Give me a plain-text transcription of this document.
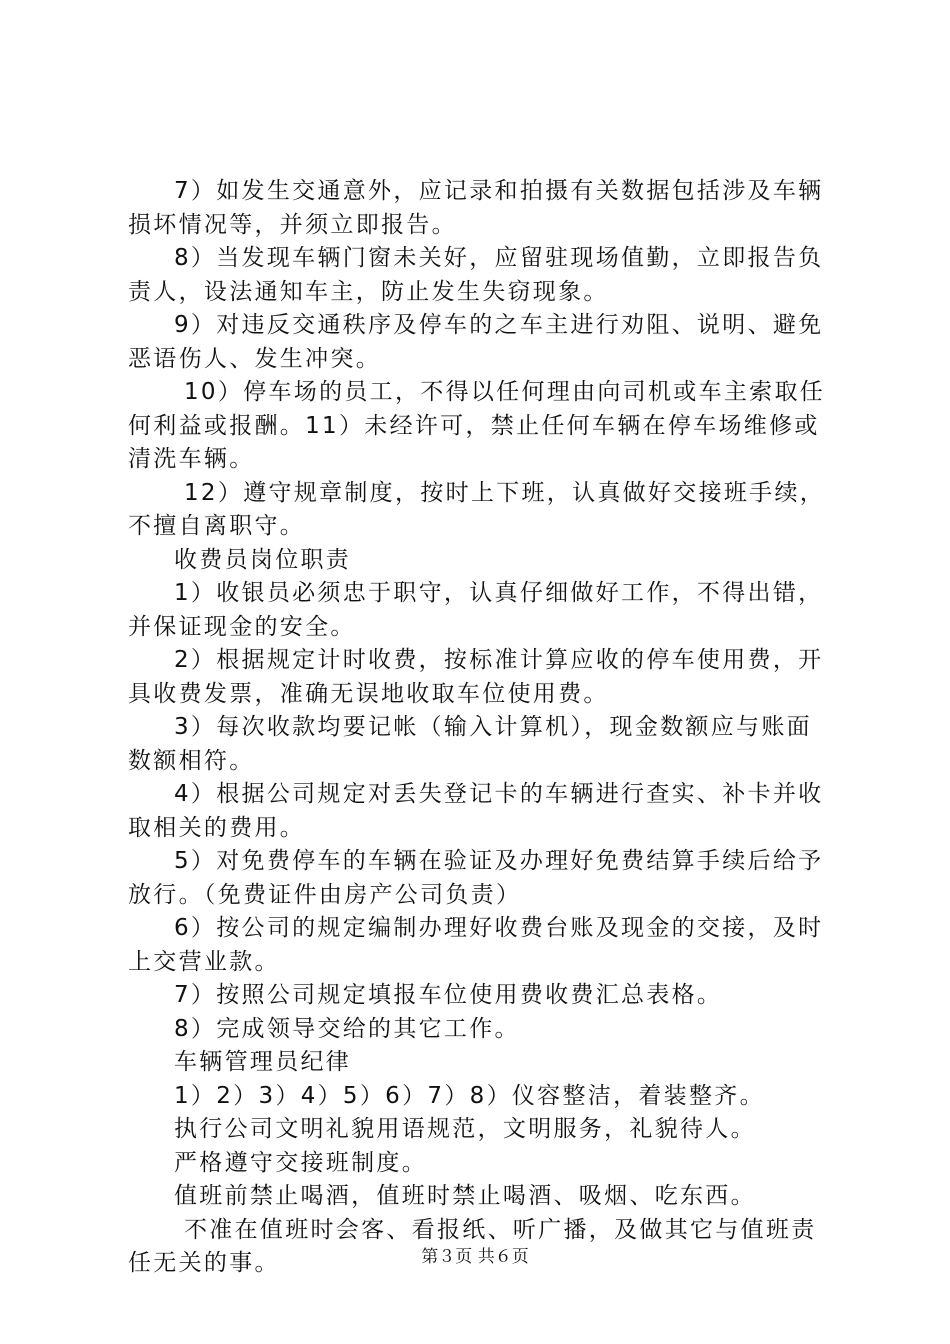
7）如发生交通意外，应记录和拍摄有关数据包括涉及车辆损坏情况等，并须立即报告。

8）当发现车辆门窗未关好，应留驻现场值勤，立即报告负责人，设法通知车主，防止发生失窃现象。

9）对违反交通秩序及停车的之车主进行劝阻、说明、避免恶语伤人、发生冲突。

10）停车场的员工，不得以任何理由向司机或车主索取任何利益或报酬。11）未经许可，禁止任何车辆在停车场维修或清洗车辆。

12）遵守规章制度，按时上下班，认真做好交接班手续，不擅自离职守。

收费员岗位职责

1）收银员必须忠于职守，认真仔细做好工作，不得出错，并保证现金的安全。

2）根据规定计时收费，按标准计算应收的停车使用费，开具收费发票，准确无误地收取车位使用费。

3）每次收款均要记帐（输入计算机），现金数额应与账面数额相符。

4）根据公司规定对丢失登记卡的车辆进行查实、补卡并收取相关的费用。

5）对免费停车的车辆在验证及办理好免费结算手续后给予放行。（免费证件由房产公司负责）

6）按公司的规定编制办理好收费台账及现金的交接，及时上交营业款。

7）按照公司规定填报车位使用费收费汇总表格。

8）完成领导交给的其它工作。

车辆管理员纪律

1）2）3）4）5）6）7）8）仪容整洁，着装整齐。

执行公司文明礼貌用语规范，文明服务，礼貌待人。

严格遵守交接班制度。

值班前禁止喝酒，值班时禁止喝酒、吸烟、吃东西。

不准在值班时会客、看报纸、听广播，及做其它与值班责任无关的事。	第３页 共６页
